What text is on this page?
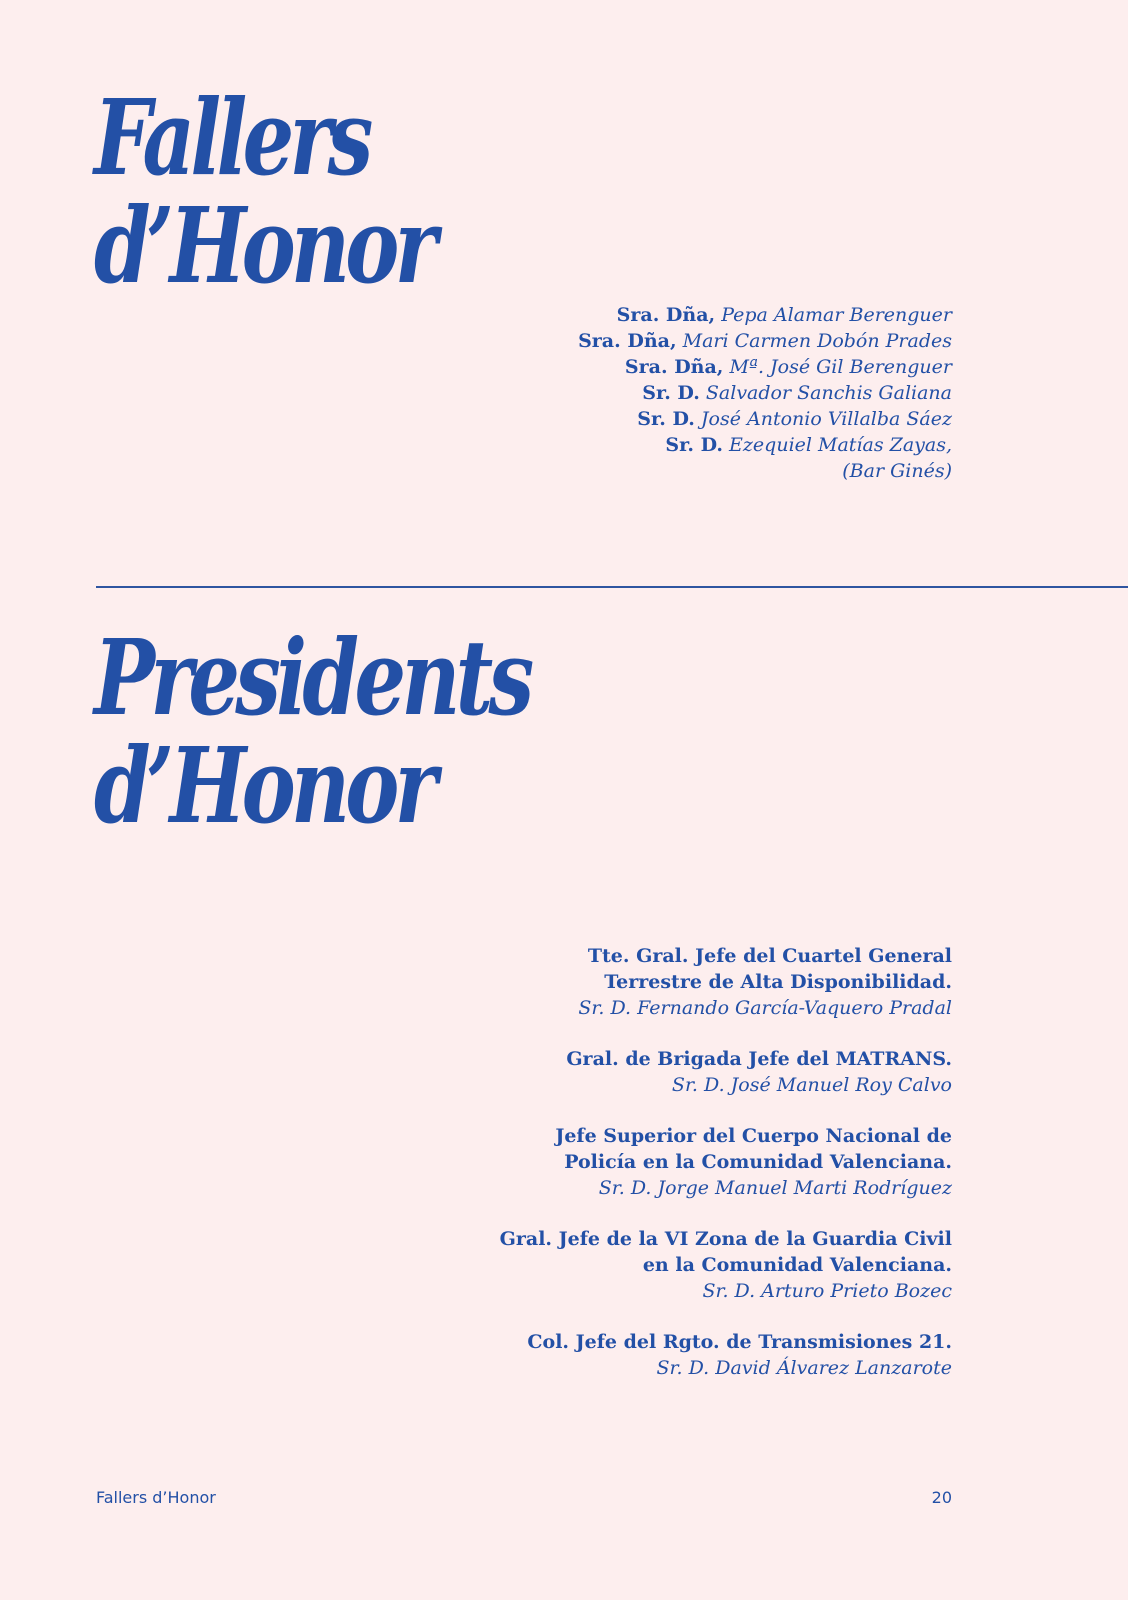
Fallers
d’Honor
Sra. Dña, Pepa Alamar Berenguer
Sra. Dña, Mari Carmen Dobón Prades
Sra. Dña, Mª. José Gil Berenguer
Sr. D. Salvador Sanchis Galiana
Sr. D. José Antonio Villalba Sáez
Sr. D. Ezequiel Matías Zayas,
(Bar Ginés)
Presidents
d’Honor
Tte. Gral. Jefe del Cuartel General
Terrestre de Alta Disponibilidad.
Sr. D. Fernando García-Vaquero Pradal
Gral. de Brigada Jefe del MATRANS.
Sr. D. José Manuel Roy Calvo
Jefe Superior del Cuerpo Nacional de
Policía en la Comunidad Valenciana.
Sr. D. Jorge Manuel Marti Rodríguez
Gral. Jefe de la VI Zona de la Guardia Civil
en la Comunidad Valenciana.
Sr. D. Arturo Prieto Bozec
Col. Jefe del Rgto. de Transmisiones 21.
Sr. D. David Álvarez Lanzarote
Fallers d’Honor	20
